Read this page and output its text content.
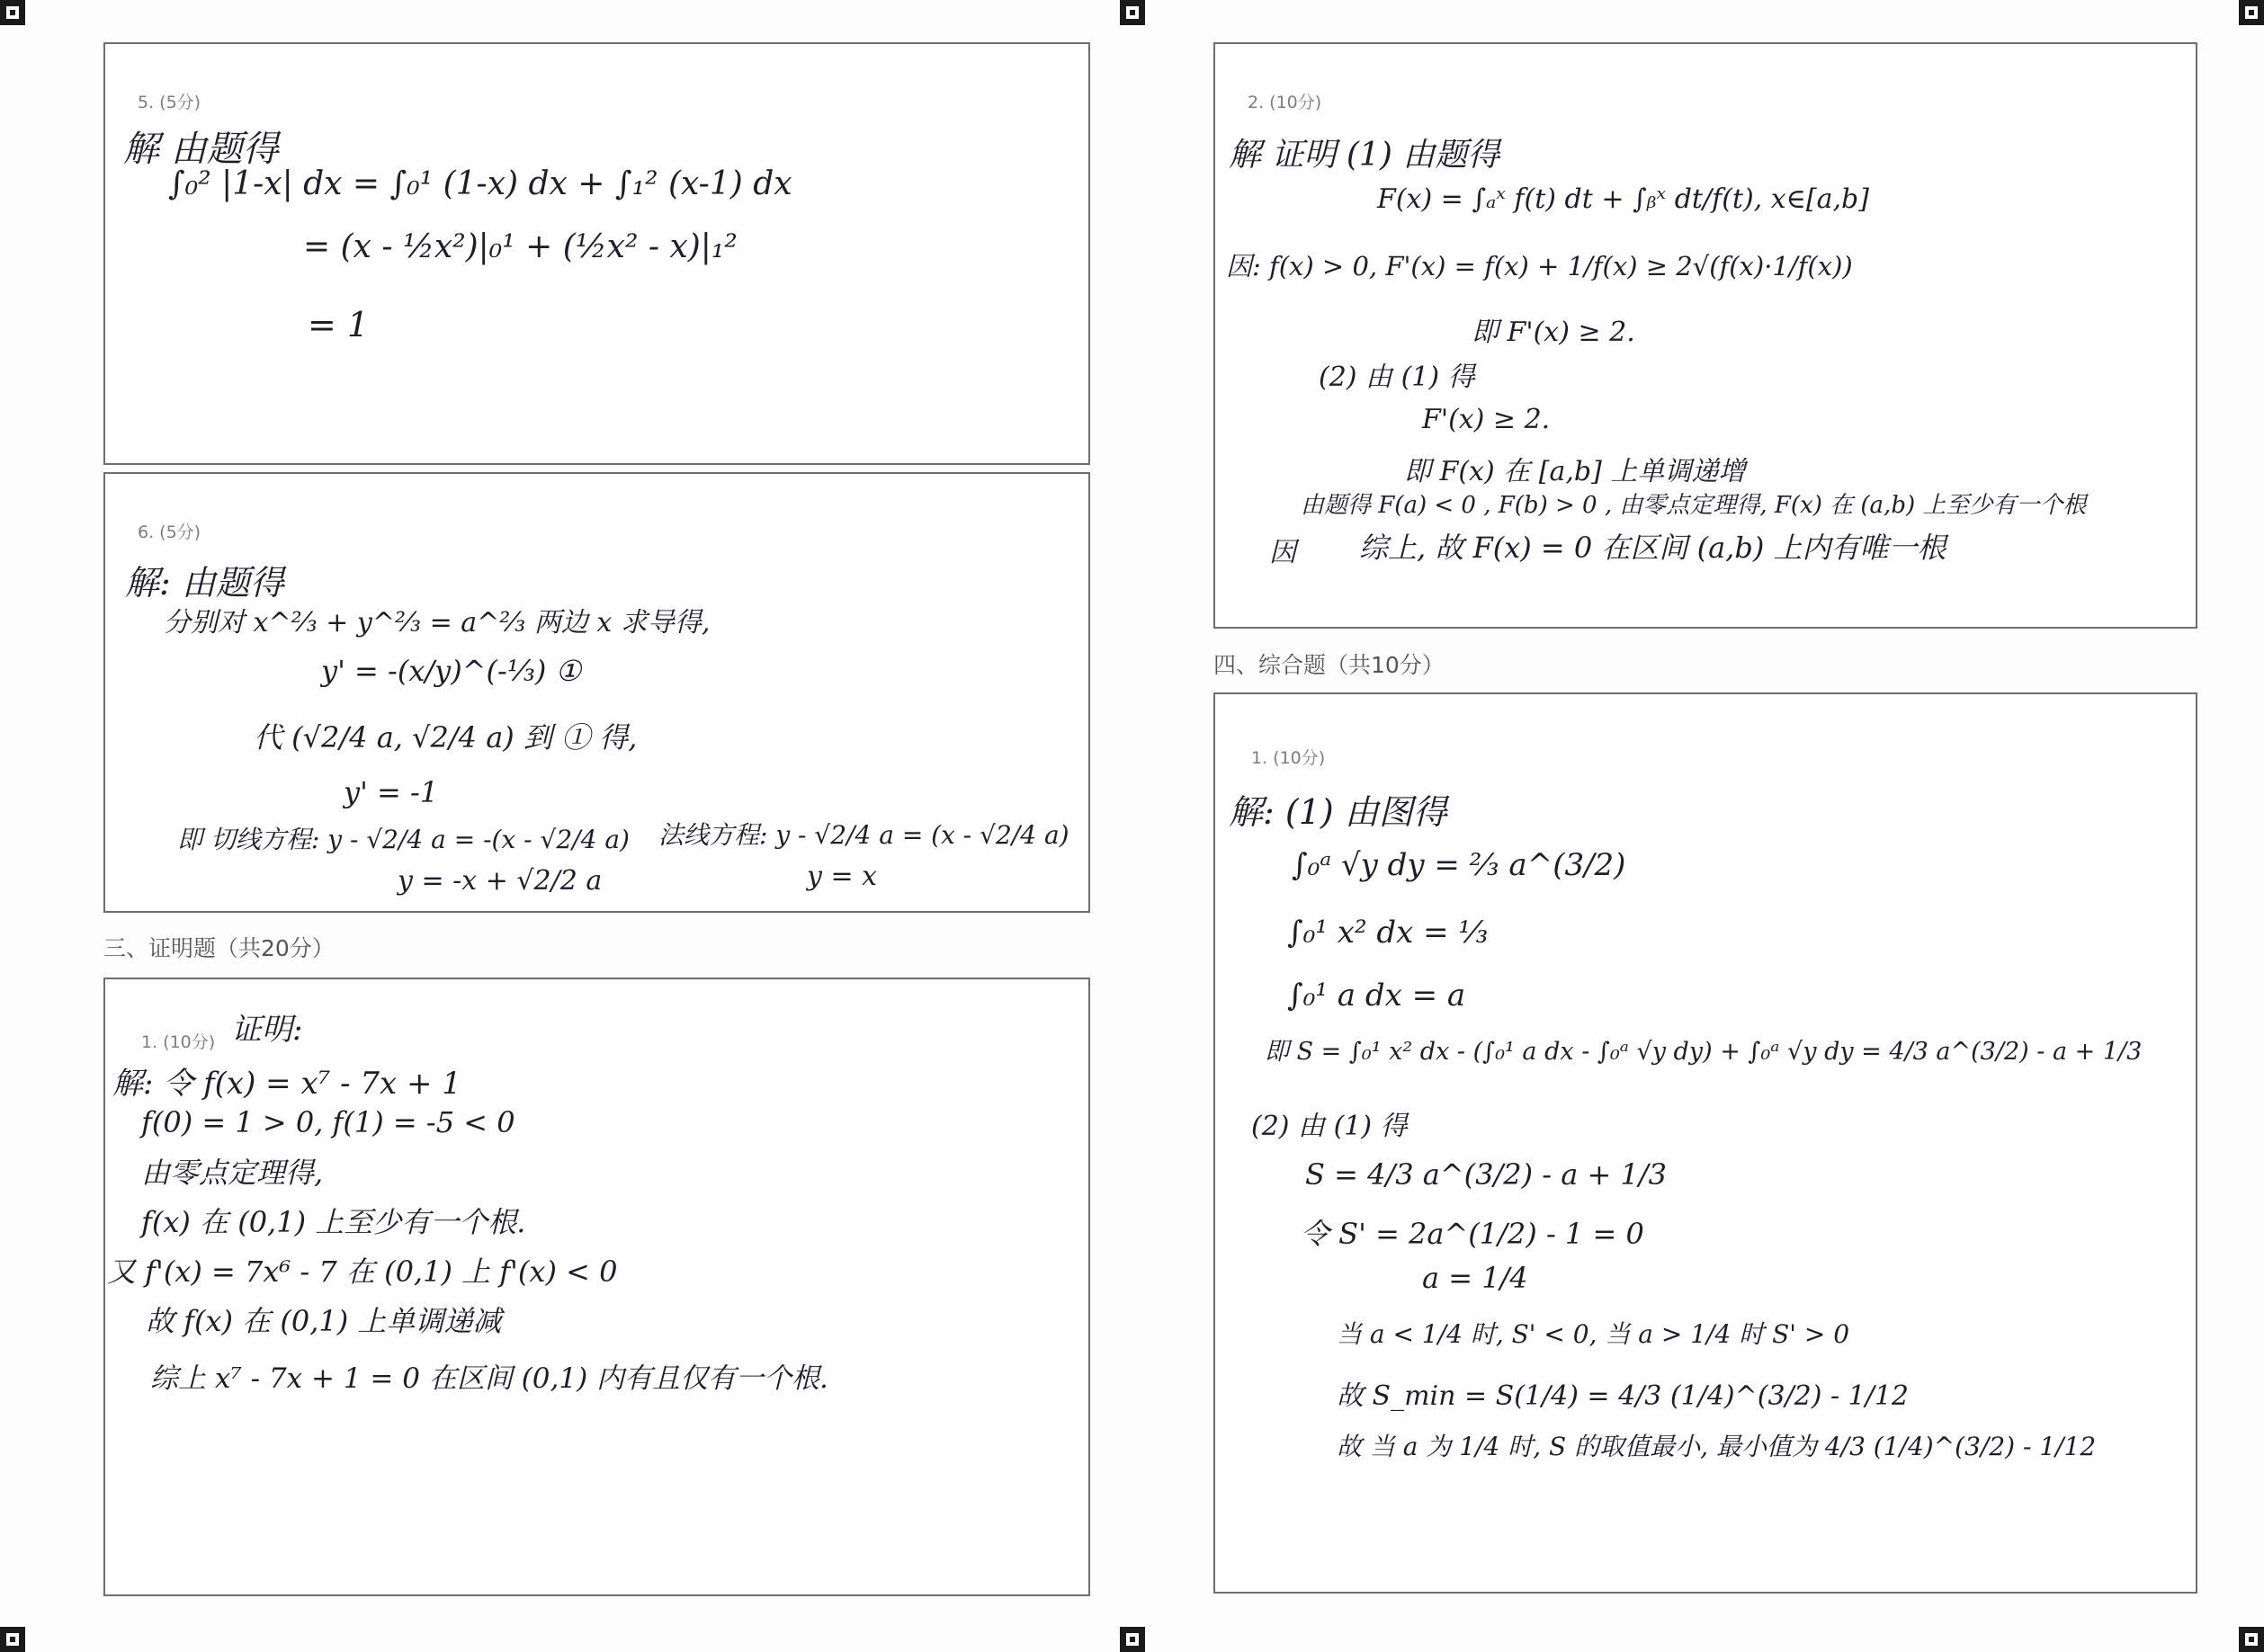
5. (5分)
解 由题得
∫₀² |1-x| dx = ∫₀¹ (1-x) dx + ∫₁² (x-1) dx
= (x - ½x²)|₀¹ + (½x² - x)|₁²
= 1
6. (5分)
解: 由题得
分别对 x^⅔ + y^⅔ = a^⅔ 两边 x 求导得,
y' = -(x/y)^(-⅓) ①
代 (√2/4 a, √2/4 a) 到 ① 得,
y' = -1
即 切线方程: y - √2/4 a = -(x - √2/4 a)
y = -x + √2/2 a
法线方程: y - √2/4 a = (x - √2/4 a)
y = x
三、证明题（共20分）
1. (10分) 证明:
解: 令 f(x) = x⁷ - 7x + 1
f(0) = 1 > 0, f(1) = -5 < 0
由零点定理得,
f(x) 在 (0,1) 上至少有一个根.
又 f'(x) = 7x⁶ - 7 在 (0,1) 上 f'(x) < 0
故 f(x) 在 (0,1) 上单调递减
综上 x⁷ - 7x + 1 = 0 在区间 (0,1) 内有且仅有一个根.
2. (10分)
解 证明 (1) 由题得
F(x) = ∫ₐˣ f(t) dt + ∫ᵦˣ dt/f(t), x∈[a,b]
因: f(x) > 0, F'(x) = f(x) + 1/f(x) ≥ 2√(f(x)·1/f(x))
即 F'(x) ≥ 2.
(2) 由 (1) 得
F'(x) ≥ 2.
即 F(x) 在 [a,b] 上单调递增
由题得 F(a) < 0 , F(b) > 0 , 由零点定理得, F(x) 在 (a,b) 上至少有一个根
因 综上, 故 F(x) = 0 在区间 (a,b) 上内有唯一根
四、综合题（共10分）
1. (10分)
解: (1) 由图得
∫₀ᵃ √y dy = ⅔ a^(3/2)
∫₀¹ x² dx = ⅓
∫₀¹ a dx = a
即 S = ∫₀¹ x² dx - (∫₀¹ a dx - ∫₀ᵃ √y dy) + ∫₀ᵃ √y dy = 4/3 a^(3/2) - a + 1/3
(2) 由 (1) 得
S = 4/3 a^(3/2) - a + 1/3
令 S' = 2a^(1/2) - 1 = 0
a = 1/4
当 a < 1/4 时, S' < 0, 当 a > 1/4 时 S' > 0
故 S_min = S(1/4) = 4/3 (1/4)^(3/2) - 1/12
故 当 a 为 1/4 时, S 的取值最小, 最小值为 4/3 (1/4)^(3/2) - 1/12
